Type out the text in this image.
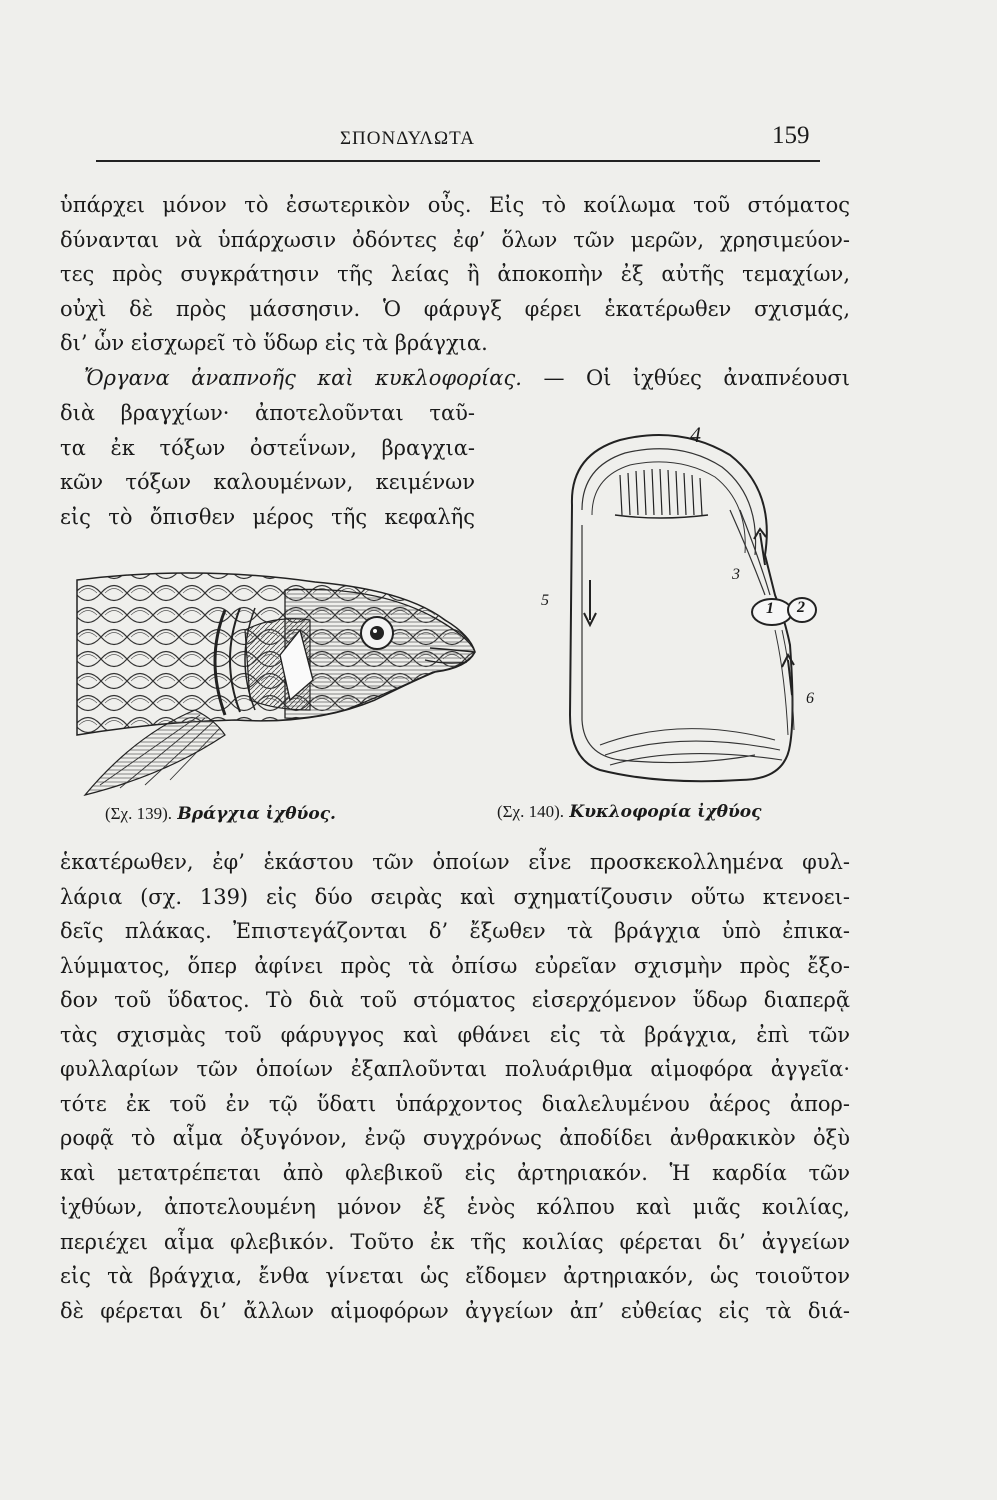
ΣΠΟΝΔΥΛΩΤΑ	159
ὑπάρχει μόνον τὸ ἐσωτερικὸν οὖς. Εἰς τὸ κοίλωμα τοῦ στόματος
δύνανται νὰ ὑπάρχωσιν ὀδόντες ἐφ’ ὅλων τῶν μερῶν, χρησιμεύον-
τες πρὸς συγκράτησιν τῆς λείας ἢ ἀποκοπὴν ἐξ αὐτῆς τεμαχίων,
οὐχὶ δὲ πρὸς μάσσησιν. Ὁ φάρυγξ φέρει ἑκατέρωθεν σχισμάς,
δι’ ὧν εἰσχωρεῖ τὸ ὕδωρ εἰς τὰ βράγχια.
Ὄργανα ἀναπνοῆς καὶ κυκλοφορίας. — Οἱ ἰχθύες ἀναπνέουσι
διὰ βραγχίων· ἀποτελοῦνται ταῦ-
τα ἐκ τόξων ὀστεΐνων, βραγχια-
κῶν τόξων καλουμένων, κειμένων
εἰς τὸ ὄπισθεν μέρος τῆς κεφαλῆς
4
3
5	1 2
6
(Σχ. 139). Βράγχια ἰχθύος.	(Σχ. 140). Κυκλοφορία ἰχθύος
ἑκατέρωθεν, ἐφ’ ἑκάστου τῶν ὁποίων εἶνε προσκεκολλημένα φυλ-
λάρια (σχ. 139) εἰς δύο σειρὰς καὶ σχηματίζουσιν οὕτω κτενοει-
δεῖς πλάκας. Ἐπιστεγάζονται δ’ ἔξωθεν τὰ βράγχια ὑπὸ ἐπικα-
λύμματος, ὅπερ ἀφίνει πρὸς τὰ ὀπίσω εὐρεῖαν σχισμὴν πρὸς ἔξο-
δον τοῦ ὕδατος. Τὸ διὰ τοῦ στόματος εἰσερχόμενον ὕδωρ διαπερᾷ
τὰς σχισμὰς τοῦ φάρυγγος καὶ φθάνει εἰς τὰ βράγχια, ἐπὶ τῶν
φυλλαρίων τῶν ὁποίων ἐξαπλοῦνται πολυάριθμα αἱμοφόρα ἀγγεῖα·
τότε ἐκ τοῦ ἐν τῷ ὕδατι ὑπάρχοντος διαλελυμένου ἀέρος ἀπορ-
ροφᾷ τὸ αἷμα ὀξυγόνον, ἐνῷ συγχρόνως ἀποδίδει ἀνθρακικὸν ὀξὺ
καὶ μετατρέπεται ἀπὸ φλεβικοῦ εἰς ἀρτηριακόν. Ἡ καρδία τῶν
ἰχθύων, ἀποτελουμένη μόνον ἐξ ἑνὸς κόλπου καὶ μιᾶς κοιλίας,
περιέχει αἷμα φλεβικόν. Τοῦτο ἐκ τῆς κοιλίας φέρεται δι’ ἀγγείων
εἰς τὰ βράγχια, ἔνθα γίνεται ὡς εἴδομεν ἀρτηριακόν, ὡς τοιοῦτον
δὲ φέρεται δι’ ἄλλων αἱμοφόρων ἀγγείων ἀπ’ εὐθείας εἰς τὰ διά-
